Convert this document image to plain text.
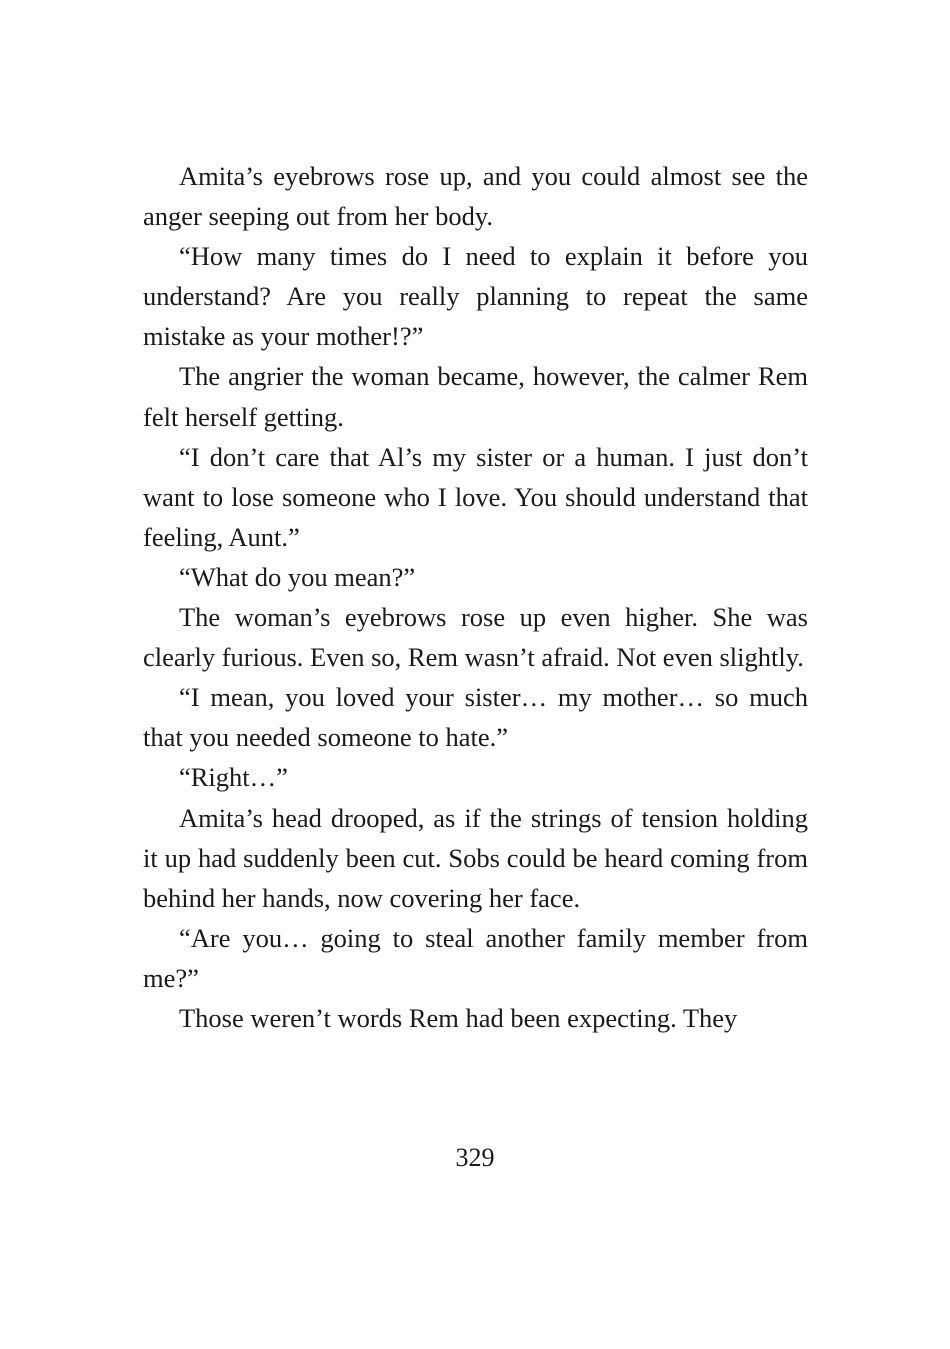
Amita’s eyebrows rose up, and you could almost see the anger seeping out from her body.

“How many times do I need to explain it before you understand? Are you really planning to repeat the same mistake as your mother!?”

The angrier the woman became, however, the calmer Rem felt herself getting.

“I don’t care that Al’s my sister or a human. I just don’t want to lose someone who I love. You should understand that feeling, Aunt.”

“What do you mean?”

The woman’s eyebrows rose up even higher. She was clearly furious. Even so, Rem wasn’t afraid. Not even slightly.

“I mean, you loved your sister… my mother… so much that you needed someone to hate.”

“Right…”

Amita’s head drooped, as if the strings of tension holding it up had suddenly been cut. Sobs could be heard coming from behind her hands, now covering her face.

“Are you… going to steal another family member from me?”

Those weren’t words Rem had been expecting. They

329
